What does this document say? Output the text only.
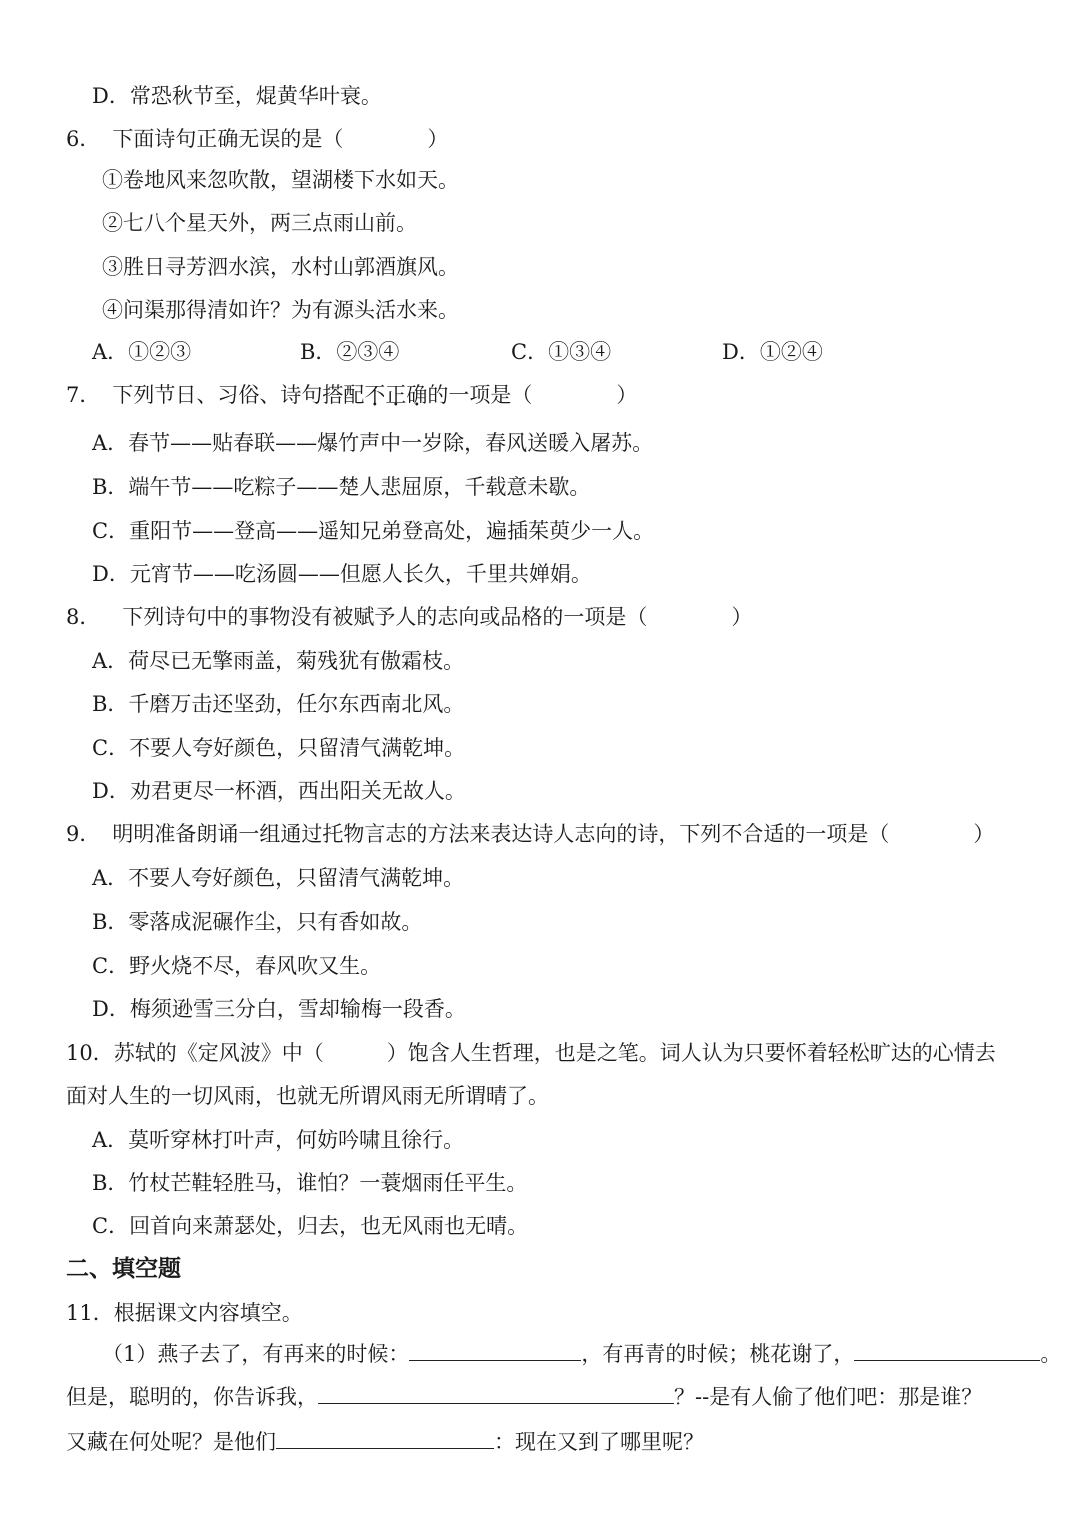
D．常恐秋节至，焜黄华叶衰。
6． 下面诗句正确无误的是（　　　　）
①卷地风来忽吹散，望湖楼下水如天。
②七八个星天外，两三点雨山前。
③胜日寻芳泗水滨，水村山郭酒旗风。
④问渠那得清如许？为有源头活水来。
A．①②③	B．②③④	C．①③④	D．①②④
7． 下列节日、习俗、诗句搭配不正确的一项是（　　　　）
A．春节——贴春联——爆竹声中一岁除，春风送暖入屠苏。
B．端午节——吃粽子——楚人悲屈原，千载意未歇。
C．重阳节——登高——遥知兄弟登高处，遍插茱萸少一人。
D．元宵节——吃汤圆——但愿人长久，千里共婵娟。
8． 下列诗句中的事物没有被赋予人的志向或品格的一项是（　　　　）
A．荷尽已无擎雨盖，菊残犹有傲霜枝。
B．千磨万击还坚劲，任尔东西南北风。
C．不要人夸好颜色，只留清气满乾坤。
D．劝君更尽一杯酒，西出阳关无故人。
9． 明明准备朗诵一组通过托物言志的方法来表达诗人志向的诗，下列不合适的一项是（　　　　）
A．不要人夸好颜色，只留清气满乾坤。
B．零落成泥碾作尘，只有香如故。
C．野火烧不尽，春风吹又生。
D．梅须逊雪三分白，雪却输梅一段香。
10．苏轼的《定风波》中（　　　）饱含人生哲理，也是之笔。词人认为只要怀着轻松旷达的心情去
面对人生的一切风雨，也就无所谓风雨无所谓晴了。
A．莫听穿林打叶声，何妨吟啸且徐行。
B．竹杖芒鞋轻胜马，谁怕？一蓑烟雨任平生。
C．回首向来萧瑟处，归去，也无风雨也无晴。
二、填空题
11．根据课文内容填空。
（1）燕子去了，有再来的时候：	，有再青的时候；桃花谢了，	。
但是，聪明的，你告诉我，	？--是有人偷了他们吧：那是谁？
又藏在何处呢？是他们	：现在又到了哪里呢？
